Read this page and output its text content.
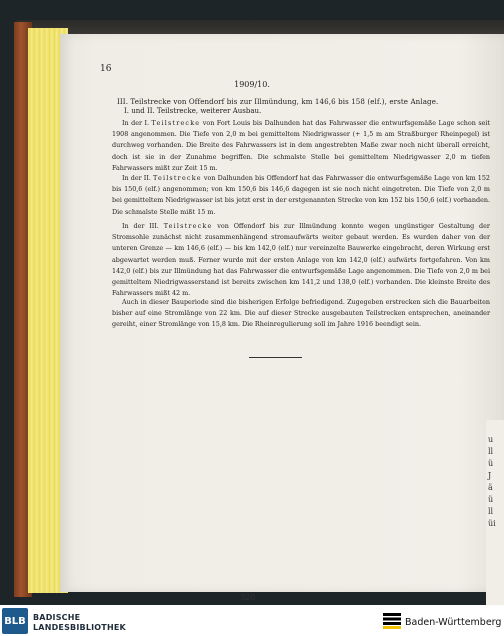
16
1909/10.
III. Teilstrecke von Offendorf bis zur Illmündung, km 146,6 bis 158 (elf.), erste Anlage.
I. und II. Teilstrecke, weiterer Ausbau.

In der I. Teilstrecke von Fort Louis bis Dalhunden hat das Fahrwasser die entwurfsgemäße Lage schon seit 1908 angenommen. Die Tiefe von 2,0 m bei gemitteltem Niedrigwasser (+ 1,5 m am Straßburger Rheinpegel) ist durchweg vorhanden. Die Breite des Fahrwassers ist in dem angestrebten Maße zwar noch nicht überall erreicht, doch ist sie in der Zunahme begriffen. Die schmalste Stelle bei gemitteltem Niedrigwasser 2,0 m tiefen Fahrwassers mißt zur Zeit 15 m.

In der II. Teilstrecke von Dalhunden bis Offendorf hat das Fahrwasser die entwurfsgemäße Lage von km 152 bis 150,6 (elf.) angenommen; von km 150,6 bis 146,6 dagegen ist sie noch nicht eingetreten. Die Tiefe von 2,0 m bei gemitteltem Niedrigwasser ist bis jetzt erst in der erstgenannten Strecke von km 152 bis 150,6 (elf.) vorhanden. Die schmalste Stelle mißt 15 m.

In der III. Teilstrecke von Offendorf bis zur Illmündung konnte wegen ungünstiger Gestaltung der Stromsohle zunächst nicht zusammenhängend stromaufwärts weiter gebaut werden. Es wurden daher von der unteren Grenze — km 146,6 (elf.) — bis km 142,0 (elf.) nur vereinzelte Bauwerke eingebracht, deren Wirkung erst abgewartet werden muß. Ferner wurde mit der ersten Anlage von km 142,0 (elf.) aufwärts fortgefahren. Von km 142,0 (elf.) bis zur Illmündung hat das Fahrwasser die entwurfsgemäße Lage angenommen. Die Tiefe von 2,0 m bei gemitteltem Niedrigwasserstand ist bereits zwischen km 141,2 und 138,0 (elf.) vorhanden. Die kleinste Breite des Fahrwassers mißt 42 m.

Auch in dieser Bauperiode sind die bisherigen Erfolge befriedigend. Zugegeben erstrecken sich die Bauarbeiten bisher auf eine Stromlänge von 22 km. Die auf dieser Strecke ausgebauten Teilstrecken entsprechen, aneinander gereiht, einer Stromlänge von 15,8 km. Die Rheinregulierung soll im Jahre 1916 beendigt sein.

u
ll
ü
J
ä
ü
ll
üi
320
BLB BADISCHE
LANDESBIBLIOTHEK	Baden-Württemberg
